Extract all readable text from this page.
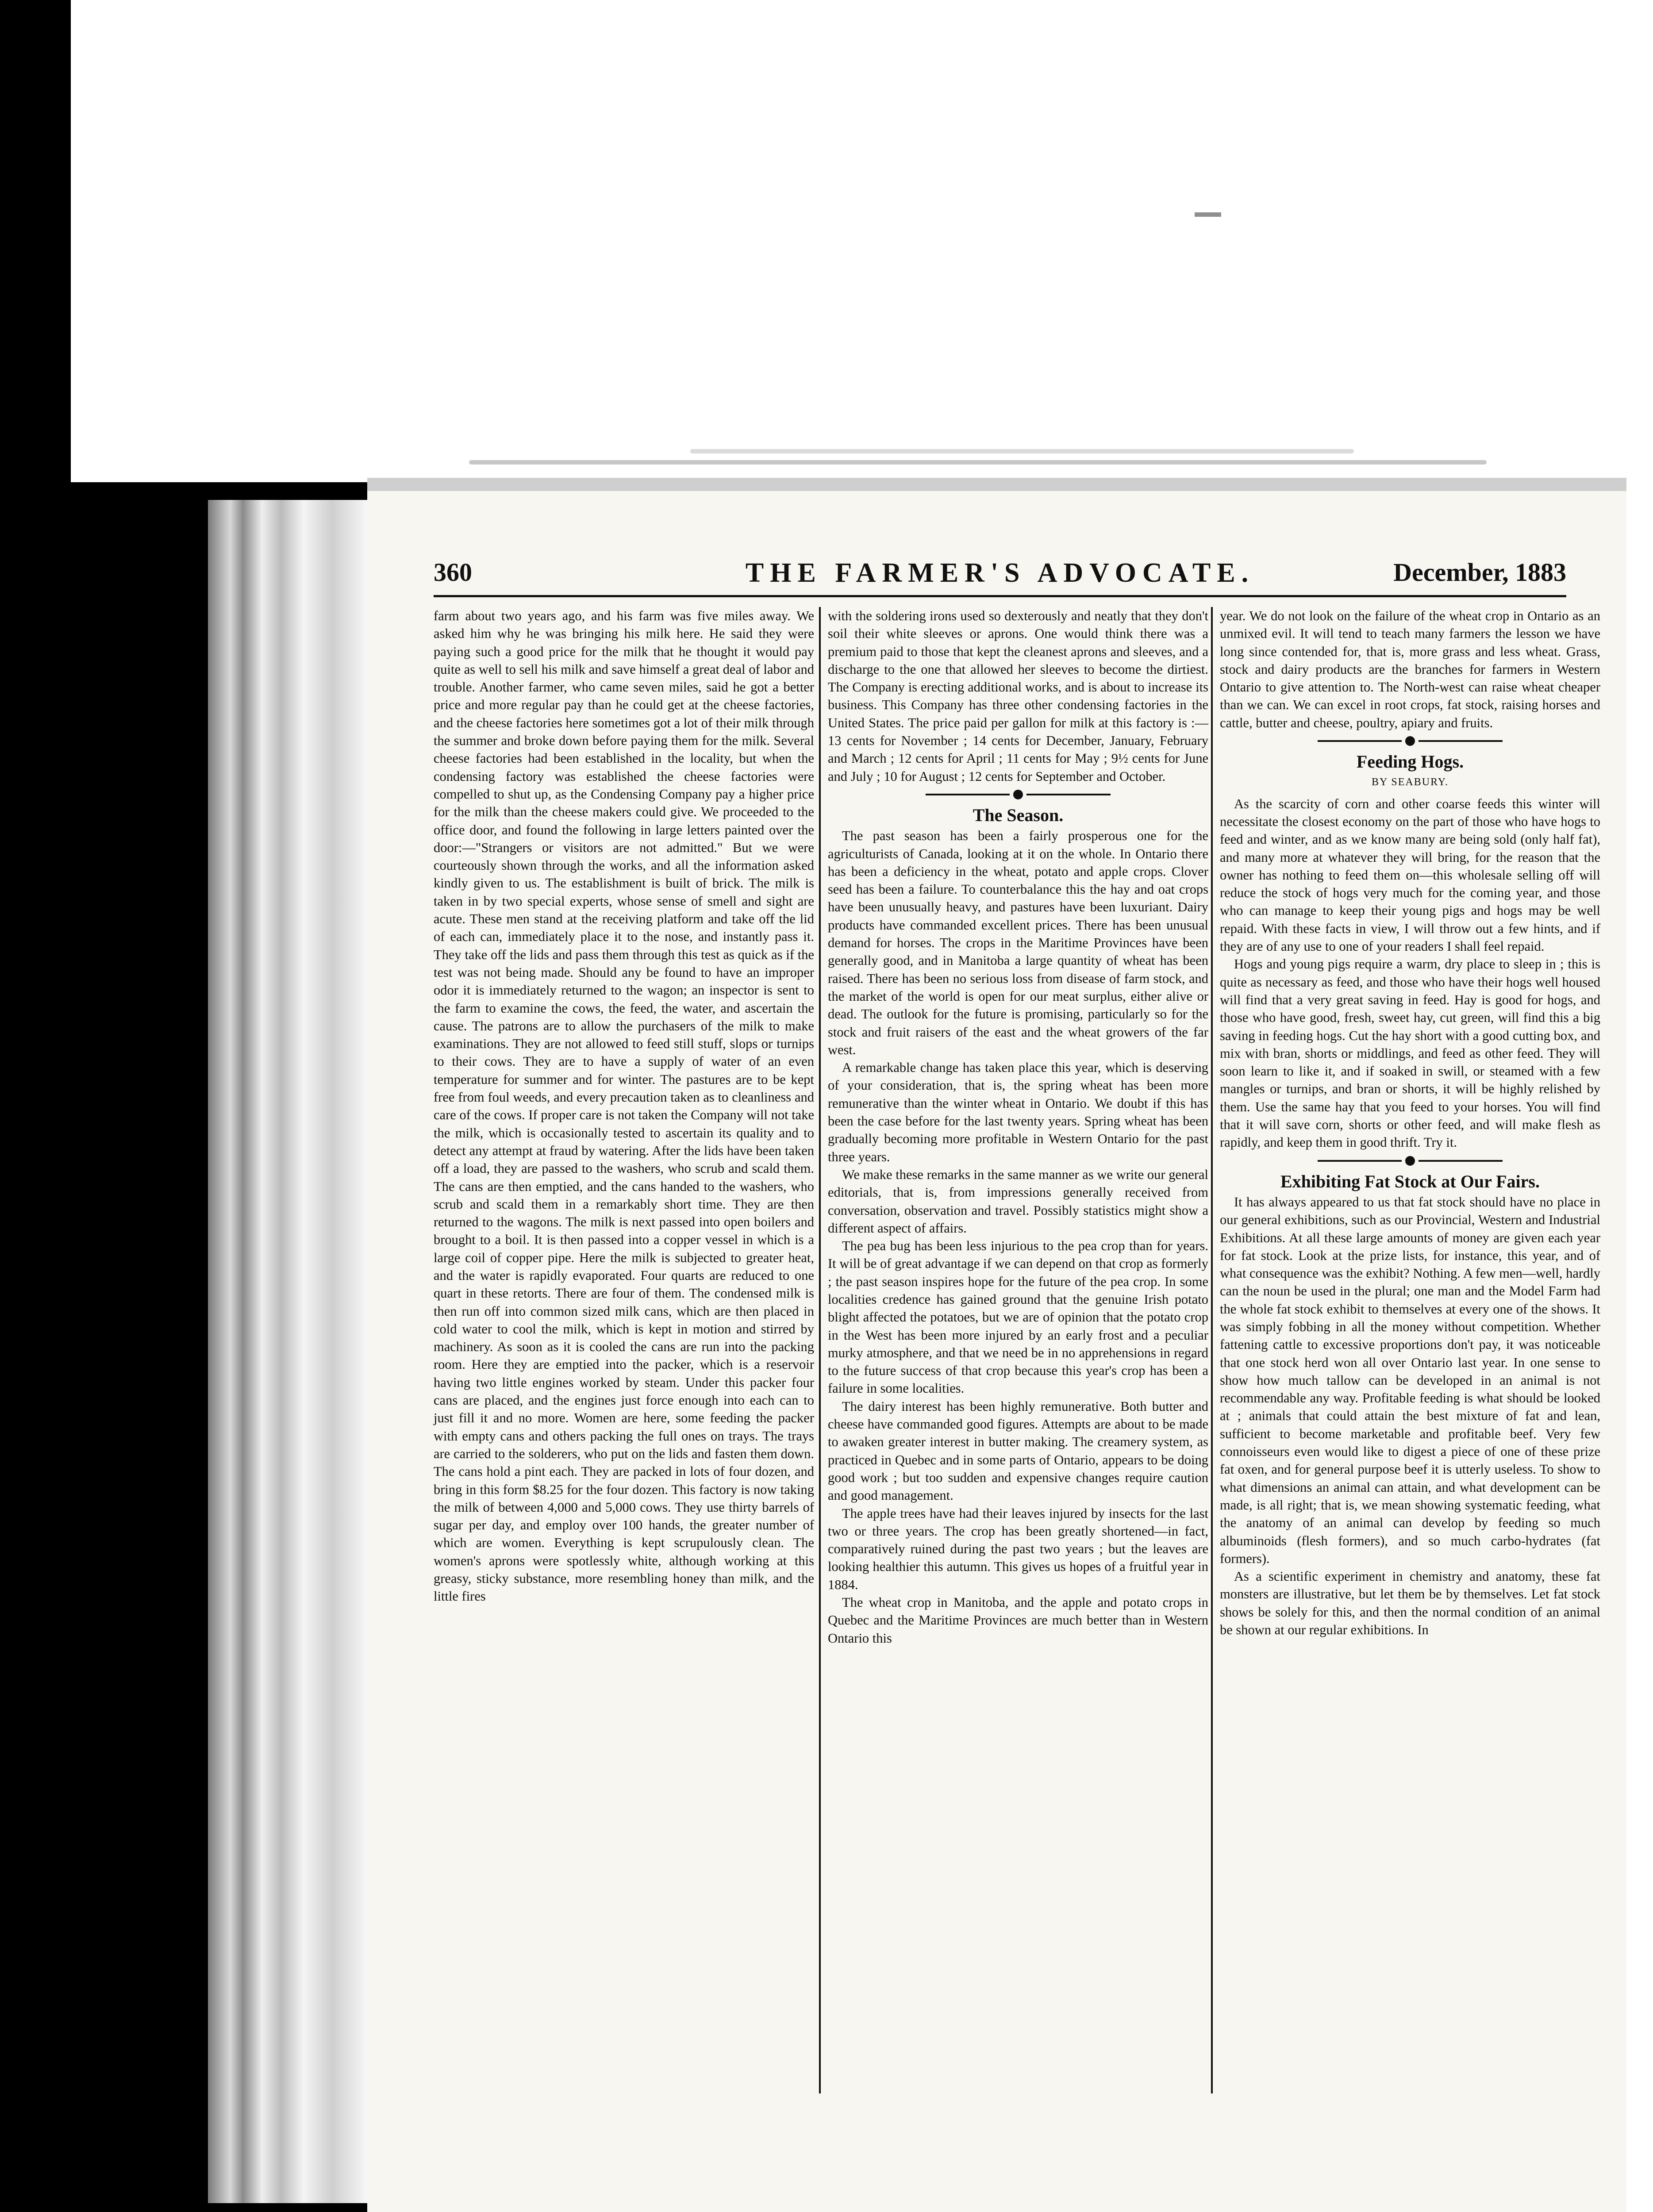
360	THE FARMER'S ADVOCATE.	December, 1883

farm about two years ago, and his farm was five miles away. We asked him why he was bringing his milk here. He said they were paying such a good price for the milk that he thought it would pay quite as well to sell his milk and save himself a great deal of labor and trouble. Another farmer, who came seven miles, said he got a better price and more regular pay than he could get at the cheese factories, and the cheese factories here sometimes got a lot of their milk through the summer and broke down before paying them for the milk. Several cheese factories had been established in the locality, but when the condensing factory was established the cheese factories were compelled to shut up, as the Condensing Company pay a higher price for the milk than the cheese makers could give. We proceeded to the office door, and found the following in large letters painted over the door:—"Strangers or visitors are not admitted." But we were courteously shown through the works, and all the information asked kindly given to us. The establishment is built of brick. The milk is taken in by two special experts, whose sense of smell and sight are acute. These men stand at the receiving platform and take off the lid of each can, immediately place it to the nose, and instantly pass it. They take off the lids and pass them through this test as quick as if the test was not being made. Should any be found to have an improper odor it is immediately returned to the wagon; an inspector is sent to the farm to examine the cows, the feed, the water, and ascertain the cause. The patrons are to allow the purchasers of the milk to make examinations. They are not allowed to feed still stuff, slops or turnips to their cows. They are to have a supply of water of an even temperature for summer and for winter. The pastures are to be kept free from foul weeds, and every precaution taken as to cleanliness and care of the cows. If proper care is not taken the Company will not take the milk, which is occasionally tested to ascertain its quality and to detect any attempt at fraud by watering. After the lids have been taken off a load, they are passed to the washers, who scrub and scald them. The cans are then emptied, and the cans handed to the washers, who scrub and scald them in a remarkably short time. They are then returned to the wagons. The milk is next passed into open boilers and brought to a boil. It is then passed into a copper vessel in which is a large coil of copper pipe. Here the milk is subjected to greater heat, and the water is rapidly evaporated. Four quarts are reduced to one quart in these retorts. There are four of them. The condensed milk is then run off into common sized milk cans, which are then placed in cold water to cool the milk, which is kept in motion and stirred by machinery. As soon as it is cooled the cans are run into the packing room. Here they are emptied into the packer, which is a reservoir having two little engines worked by steam. Under this packer four cans are placed, and the engines just force enough into each can to just fill it and no more. Women are here, some feeding the packer with empty cans and others packing the full ones on trays. The trays are carried to the solderers, who put on the lids and fasten them down. The cans hold a pint each. They are packed in lots of four dozen, and bring in this form $8.25 for the four dozen. This factory is now taking the milk of between 4,000 and 5,000 cows. They use thirty barrels of sugar per day, and employ over 100 hands, the greater number of which are women. Everything is kept scrupulously clean. The women's aprons were spotlessly white, although working at this greasy, sticky substance, more resembling honey than milk, and the little fires

with the soldering irons used so dexterously and neatly that they don't soil their white sleeves or aprons. One would think there was a premium paid to those that kept the cleanest aprons and sleeves, and a discharge to the one that allowed her sleeves to become the dirtiest. The Company is erecting additional works, and is about to increase its business. This Company has three other condensing factories in the United States. The price paid per gallon for milk at this factory is :—13 cents for November ; 14 cents for December, January, February and March ; 12 cents for April ; 11 cents for May ; 9½ cents for June and July ; 10 for August ; 12 cents for September and October.

The Season.

The past season has been a fairly prosperous one for the agriculturists of Canada, looking at it on the whole. In Ontario there has been a deficiency in the wheat, potato and apple crops. Clover seed has been a failure. To counterbalance this the hay and oat crops have been unusually heavy, and pastures have been luxuriant. Dairy products have commanded excellent prices. There has been unusual demand for horses. The crops in the Maritime Provinces have been generally good, and in Manitoba a large quantity of wheat has been raised. There has been no serious loss from disease of farm stock, and the market of the world is open for our meat surplus, either alive or dead. The outlook for the future is promising, particularly so for the stock and fruit raisers of the east and the wheat growers of the far west.

A remarkable change has taken place this year, which is deserving of your consideration, that is, the spring wheat has been more remunerative than the winter wheat in Ontario. We doubt if this has been the case before for the last twenty years. Spring wheat has been gradually becoming more profitable in Western Ontario for the past three years.

We make these remarks in the same manner as we write our general editorials, that is, from impressions generally received from conversation, observation and travel. Possibly statistics might show a different aspect of affairs.

The pea bug has been less injurious to the pea crop than for years. It will be of great advantage if we can depend on that crop as formerly ; the past season inspires hope for the future of the pea crop. In some localities credence has gained ground that the genuine Irish potato blight affected the potatoes, but we are of opinion that the potato crop in the West has been more injured by an early frost and a peculiar murky atmosphere, and that we need be in no apprehensions in regard to the future success of that crop because this year's crop has been a failure in some localities.

The dairy interest has been highly remunerative. Both butter and cheese have commanded good figures. Attempts are about to be made to awaken greater interest in butter making. The creamery system, as practiced in Quebec and in some parts of Ontario, appears to be doing good work ; but too sudden and expensive changes require caution and good management.

The apple trees have had their leaves injured by insects for the last two or three years. The crop has been greatly shortened—in fact, comparatively ruined during the past two years ; but the leaves are looking healthier this autumn. This gives us hopes of a fruitful year in 1884.

The wheat crop in Manitoba, and the apple and potato crops in Quebec and the Maritime Provinces are much better than in Western Ontario this

year. We do not look on the failure of the wheat crop in Ontario as an unmixed evil. It will tend to teach many farmers the lesson we have long since contended for, that is, more grass and less wheat. Grass, stock and dairy products are the branches for farmers in Western Ontario to give attention to. The North-west can raise wheat cheaper than we can. We can excel in root crops, fat stock, raising horses and cattle, butter and cheese, poultry, apiary and fruits.

Feeding Hogs.
BY SEABURY.

As the scarcity of corn and other coarse feeds this winter will necessitate the closest economy on the part of those who have hogs to feed and winter, and as we know many are being sold (only half fat), and many more at whatever they will bring, for the reason that the owner has nothing to feed them on—this wholesale selling off will reduce the stock of hogs very much for the coming year, and those who can manage to keep their young pigs and hogs may be well repaid. With these facts in view, I will throw out a few hints, and if they are of any use to one of your readers I shall feel repaid.

Hogs and young pigs require a warm, dry place to sleep in ; this is quite as necessary as feed, and those who have their hogs well housed will find that a very great saving in feed. Hay is good for hogs, and those who have good, fresh, sweet hay, cut green, will find this a big saving in feeding hogs. Cut the hay short with a good cutting box, and mix with bran, shorts or middlings, and feed as other feed. They will soon learn to like it, and if soaked in swill, or steamed with a few mangles or turnips, and bran or shorts, it will be highly relished by them. Use the same hay that you feed to your horses. You will find that it will save corn, shorts or other feed, and will make flesh as rapidly, and keep them in good thrift. Try it.

Exhibiting Fat Stock at Our Fairs.

It has always appeared to us that fat stock should have no place in our general exhibitions, such as our Provincial, Western and Industrial Exhibitions. At all these large amounts of money are given each year for fat stock. Look at the prize lists, for instance, this year, and of what consequence was the exhibit? Nothing. A few men—well, hardly can the noun be used in the plural; one man and the Model Farm had the whole fat stock exhibit to themselves at every one of the shows. It was simply fobbing in all the money without competition. Whether fattening cattle to excessive proportions don't pay, it was noticeable that one stock herd won all over Ontario last year. In one sense to show how much tallow can be developed in an animal is not recommendable any way. Profitable feeding is what should be looked at ; animals that could attain the best mixture of fat and lean, sufficient to become marketable and profitable beef. Very few connoisseurs even would like to digest a piece of one of these prize fat oxen, and for general purpose beef it is utterly useless. To show to what dimensions an animal can attain, and what development can be made, is all right; that is, we mean showing systematic feeding, what the anatomy of an animal can develop by feeding so much albuminoids (flesh formers), and so much carbo-hydrates (fat formers).

As a scientific experiment in chemistry and anatomy, these fat monsters are illustrative, but let them be by themselves. Let fat stock shows be solely for this, and then the normal condition of an animal be shown at our regular exhibitions. In
